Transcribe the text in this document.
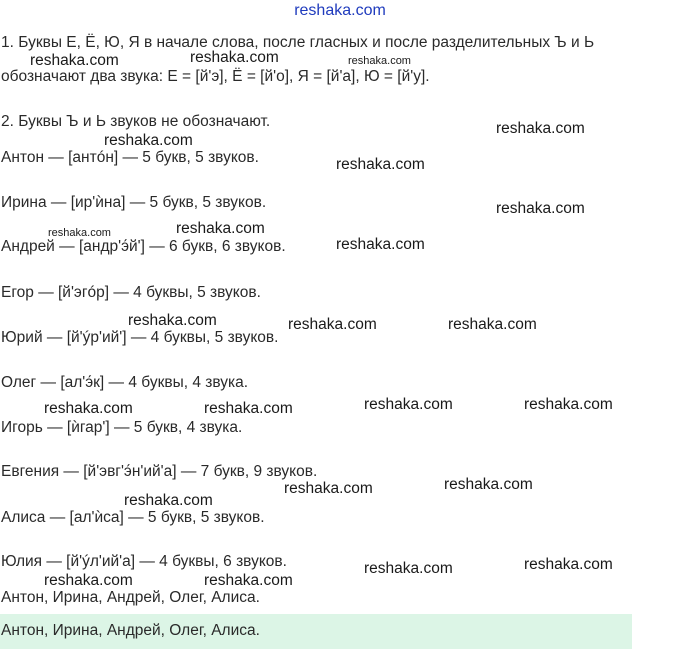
reshaka.com
1. Буквы Е, Ё, Ю, Я в начале слова, после гласных и после разделительных Ъ и Ь
обозначают два звука: Е = [й'э], Ё = [й'о], Я = [й'а], Ю = [й'у].
2. Буквы Ъ и Ь звуков не обозначают.
Антон — [антóн] — 5 букв, 5 звуков.
Ирина — [ир'ѝна] — 5 букв, 5 звуков.
Андрей — [андр'э́й'] — 6 букв, 6 звуков.
Егор — [й'эгóр] — 4 буквы, 5 звуков.
Юрий — [й'ýр'ий'] — 4 буквы, 5 звуков.
Олег — [ал'э́к] — 4 буквы, 4 звука.
Игорь — [ѝгар'] — 5 букв, 4 звука.
Евгения — [й'эвг'э́н'ий'а] — 7 букв, 9 звуков.
Алиса — [ал'ѝса] — 5 букв, 5 звуков.
Юлия — [й'ýл'ий'а] — 4 буквы, 6 звуков.
Антон, Ирина, Андрей, Олег, Алиса.
Антон, Ирина, Андрей, Олег, Алиса.
reshaka.com	reshaka.com	reshaka.com
reshaka.com
reshaka.com
reshaka.com
reshaka.com
reshaka.com
reshaka.com
reshaka.com
reshaka.com	reshaka.com	reshaka.com
reshaka.com	reshaka.com	reshaka.com	reshaka.com
reshaka.com	reshaka.com
reshaka.com
reshaka.com	reshaka.com
reshaka.com	reshaka.com
